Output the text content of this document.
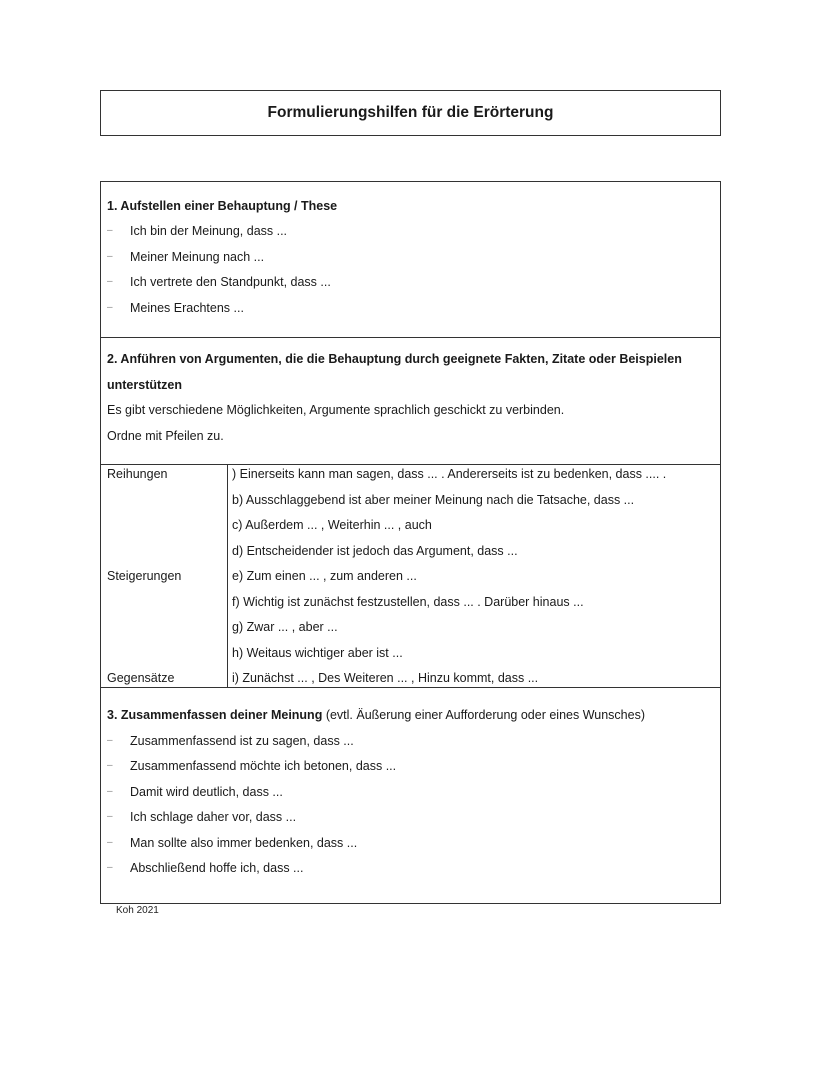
Formulierungshilfen für die Erörterung
1. Aufstellen einer Behauptung / These
– Ich bin der Meinung, dass ...
– Meiner Meinung nach ...
– Ich vertrete den Standpunkt, dass ...
– Meines Erachtens ...
2. Anführen von Argumenten, die die Behauptung durch geeignete Fakten, Zitate oder Beispielen
unterstützen
Es gibt verschiedene Möglichkeiten, Argumente sprachlich geschickt zu verbinden.
Ordne mit Pfeilen zu.
Reihungen
Steigerungen
Gegensätze
) Einerseits kann man sagen, dass ... . Andererseits ist zu bedenken, dass .... .
b) Ausschlaggebend ist aber meiner Meinung nach die Tatsache, dass ...
c) Außerdem ... , Weiterhin ... , auch
d) Entscheidender ist jedoch das Argument, dass ...
e) Zum einen ... , zum anderen ...
f) Wichtig ist zunächst festzustellen, dass ... . Darüber hinaus ...
g) Zwar ... , aber ...
h) Weitaus wichtiger aber ist ...
i) Zunächst ... , Des Weiteren ... , Hinzu kommt, dass ...
3. Zusammenfassen deiner Meinung (evtl. Äußerung einer Aufforderung oder eines Wunsches)
– Zusammenfassend ist zu sagen, dass ...
– Zusammenfassend möchte ich betonen, dass ...
– Damit wird deutlich, dass ...
– Ich schlage daher vor, dass ...
– Man sollte also immer bedenken, dass ...
– Abschließend hoffe ich, dass ...
Koh 2021
